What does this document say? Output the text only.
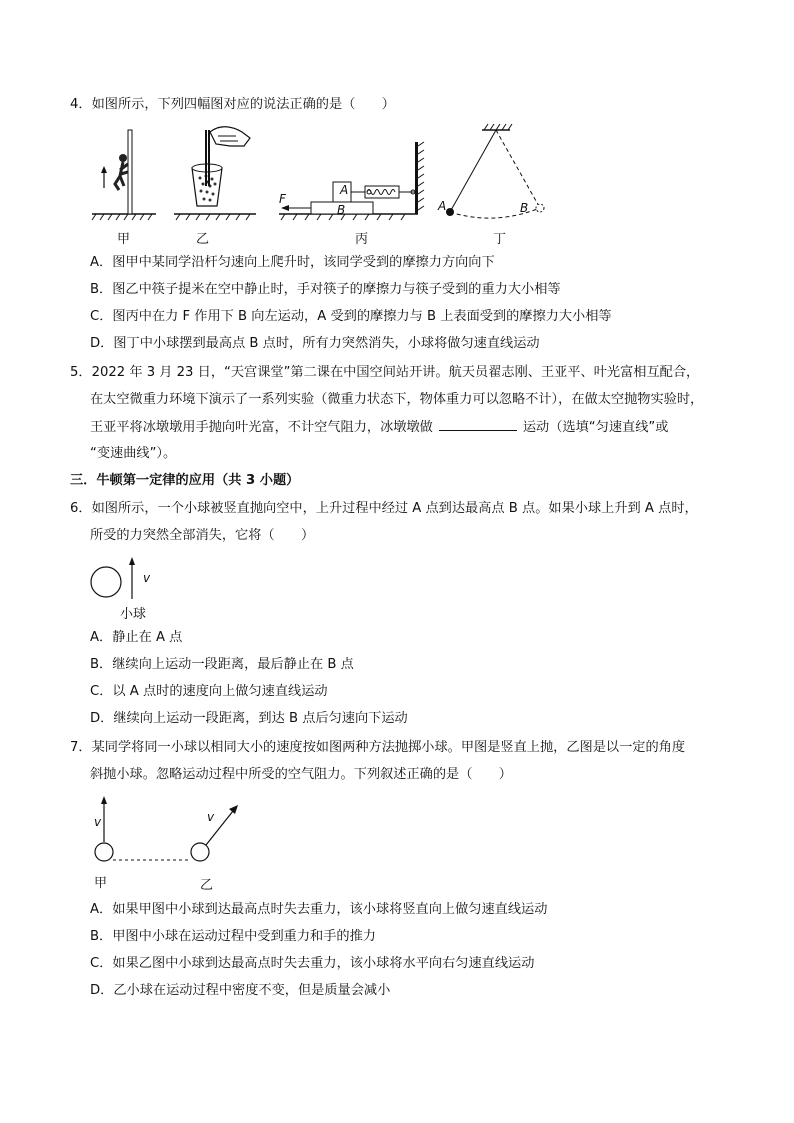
4．如图所示，下列四幅图对应的说法正确的是（　　）
甲	乙
F
A
B
丙
A	B
丁
A．图甲中某同学沿杆匀速向上爬升时，该同学受到的摩擦力方向向下
B．图乙中筷子提米在空中静止时，手对筷子的摩擦力与筷子受到的重力大小相等
C．图丙中在力 F 作用下 B 向左运动，A 受到的摩擦力与 B 上表面受到的摩擦力大小相等
D．图丁中小球摆到最高点 B 点时，所有力突然消失，小球将做匀速直线运动
5．2022 年 3 月 23 日，“天宫课堂”第二课在中国空间站开讲。航天员翟志刚、王亚平、叶光富相互配合，
在太空微重力环境下演示了一系列实验（微重力状态下，物体重力可以忽略不计），在做太空抛物实验时，
王亚平将冰墩墩用手抛向叶光富，不计空气阻力，冰墩墩做	运动（选填“匀速直线”或
“变速曲线”）。
三．牛顿第一定律的应用（共 3 小题）
6．如图所示，一个小球被竖直抛向空中，上升过程中经过 A 点到达最高点 B 点。如果小球上升到 A 点时，
所受的力突然全部消失，它将（　　）
v
小球
A．静止在 A 点
B．继续向上运动一段距离，最后静止在 B 点
C．以 A 点时的速度向上做匀速直线运动
D．继续向上运动一段距离，到达 B 点后匀速向下运动
7．某同学将同一小球以相同大小的速度按如图两种方法抛掷小球。甲图是竖直上抛，乙图是以一定的角度
斜抛小球。忽略运动过程中所受的空气阻力。下列叙述正确的是（　　）
v	v
甲	乙
A．如果甲图中小球到达最高点时失去重力，该小球将竖直向上做匀速直线运动
B．甲图中小球在运动过程中受到重力和手的推力
C．如果乙图中小球到达最高点时失去重力，该小球将水平向右匀速直线运动
D．乙小球在运动过程中密度不变，但是质量会减小
